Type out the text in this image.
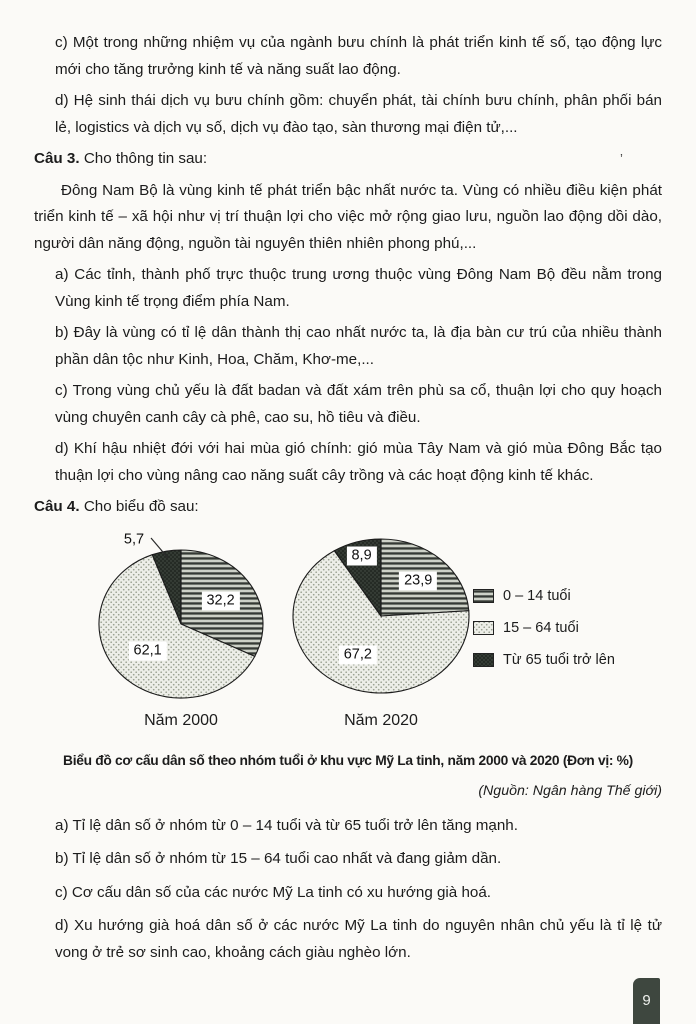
c) Một trong những nhiệm vụ của ngành bưu chính là phát triển kinh tế số, tạo động lực mới cho tăng trưởng kinh tế và năng suất lao động.

d) Hệ sinh thái dịch vụ bưu chính gồm: chuyển phát, tài chính bưu chính, phân phối bán lẻ, logistics và dịch vụ số, dịch vụ đào tạo, sàn thương mại điện tử,...

Câu 3. Cho thông tin sau:	’

Đông Nam Bộ là vùng kinh tế phát triển bậc nhất nước ta. Vùng có nhiều điều kiện phát triển kinh tế – xã hội như vị trí thuận lợi cho việc mở rộng giao lưu, nguồn lao động dồi dào, người dân năng động, nguồn tài nguyên thiên nhiên phong phú,...

a) Các tỉnh, thành phố trực thuộc trung ương thuộc vùng Đông Nam Bộ đều nằm trong Vùng kinh tế trọng điểm phía Nam.

b) Đây là vùng có tỉ lệ dân thành thị cao nhất nước ta, là địa bàn cư trú của nhiều thành phần dân tộc như Kinh, Hoa, Chăm, Khơ-me,...

c) Trong vùng chủ yếu là đất badan và đất xám trên phù sa cổ, thuận lợi cho quy hoạch vùng chuyên canh cây cà phê, cao su, hồ tiêu và điều.

d) Khí hậu nhiệt đới với hai mùa gió chính: gió mùa Tây Nam và gió mùa Đông Bắc tạo thuận lợi cho vùng nâng cao năng suất cây trồng và các hoạt động kinh tế khác.

Câu 4. Cho biểu đồ sau:

Năm 2000	Năm 2020
0 – 14 tuổi
15 – 64 tuổi
Từ 65 tuổi trở lên
32,2
62,1
5,7
23,9
67,2
8,9

Biểu đồ cơ cấu dân số theo nhóm tuổi ở khu vực Mỹ La tinh, năm 2000 và 2020 (Đơn vị: %)

(Nguồn: Ngân hàng Thế giới)

a) Tỉ lệ dân số ở nhóm từ 0 – 14 tuổi và từ 65 tuổi trở lên tăng mạnh.

b) Tỉ lệ dân số ở nhóm từ 15 – 64 tuổi cao nhất và đang giảm dần.

c) Cơ cấu dân số của các nước Mỹ La tinh có xu hướng già hoá.

d) Xu hướng già hoá dân số ở các nước Mỹ La tinh do nguyên nhân chủ yếu là tỉ lệ tử vong ở trẻ sơ sinh cao, khoảng cách giàu nghèo lớn.

9
